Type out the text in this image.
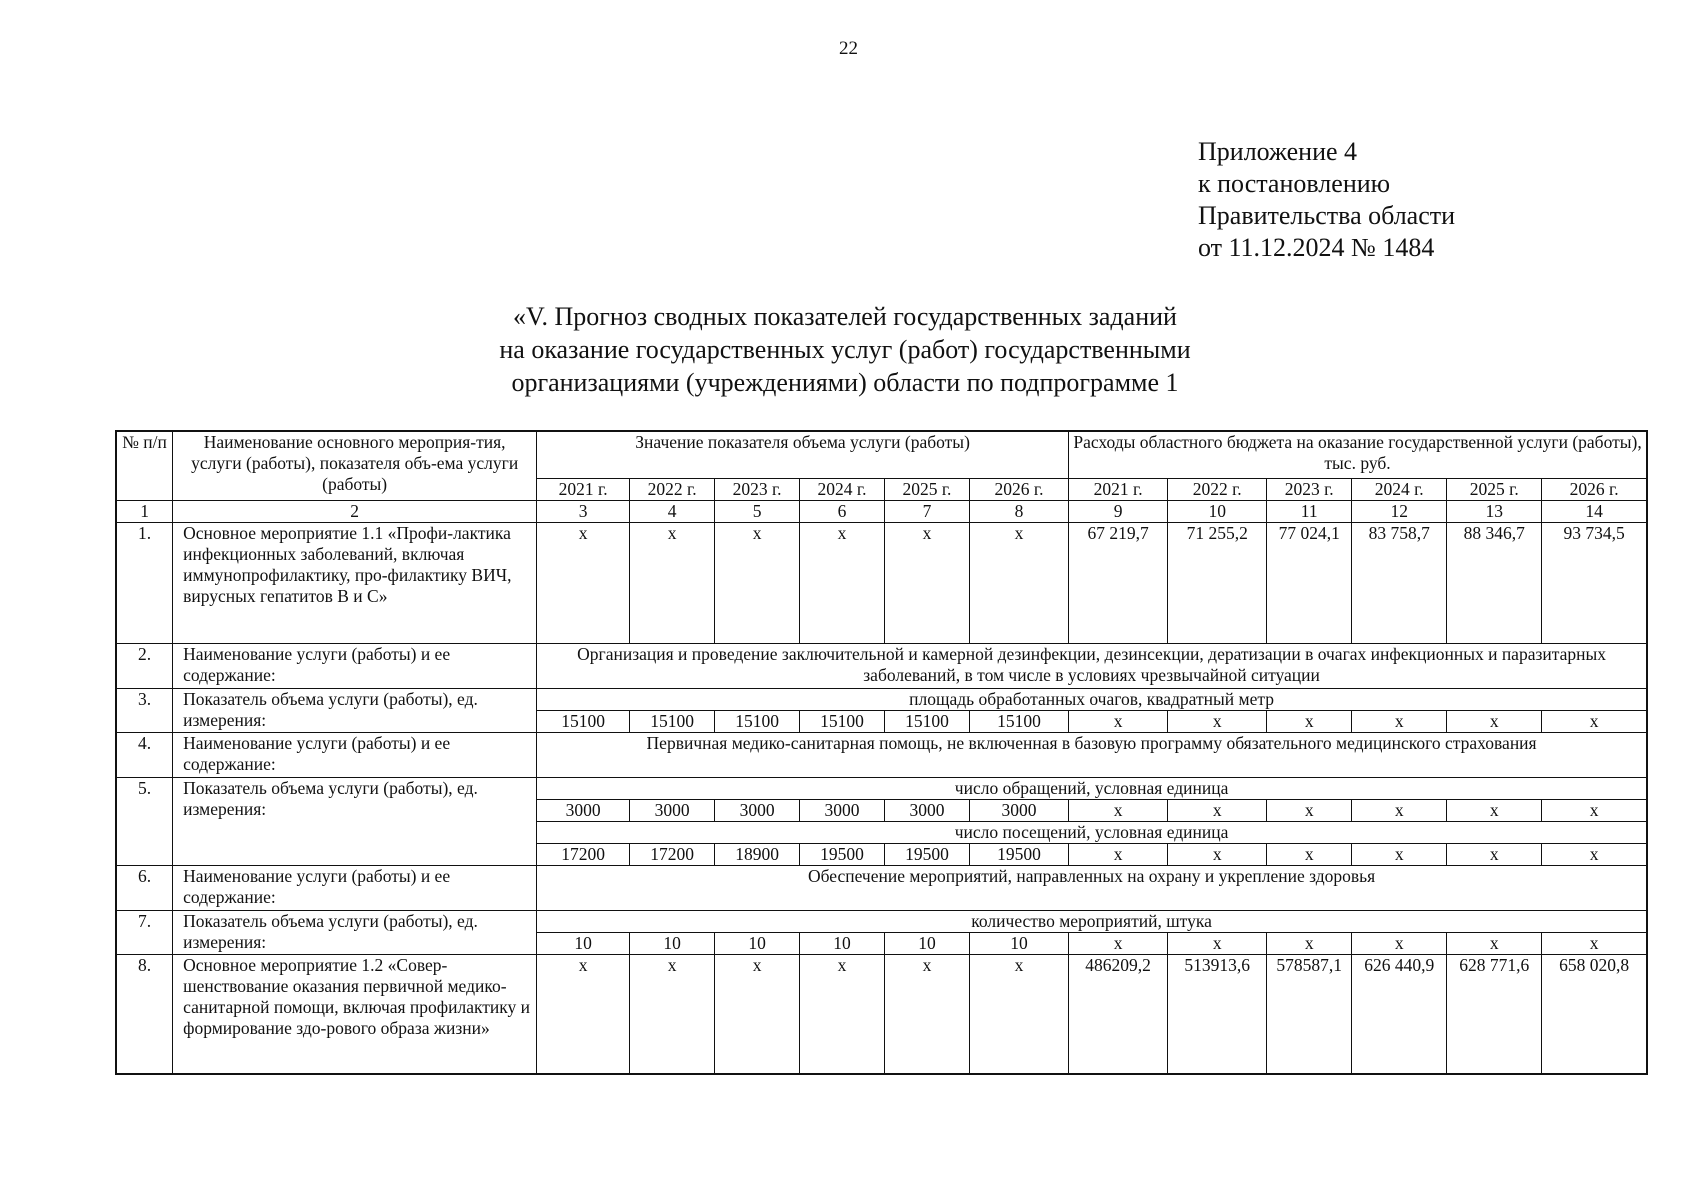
22
Приложение 4
к постановлению
Правительства области
от 11.12.2024 № 1484
«V. Прогноз сводных показателей государственных заданий
на оказание государственных услуг (работ) государственными
организациями (учреждениями) области по подпрограмме 1
№ п/п	Наименование основного мероприя-тия, услуги (работы), показателя объ-ема услуги (работы)	Значение показателя объема услуги (работы)						Расходы областного бюджета на оказание государственной услуги (работы), тыс. руб.					
		2021 г.	2022 г.	2023 г.	2024 г.	2025 г.	2026 г.	2021 г.	2022 г.	2023 г.	2024 г.	2025 г.	2026 г.
1	2	3	4	5	6	7	8	9	10	11	12	13	14
1.	Основное мероприятие 1.1 «Профи-лактика инфекционных заболеваний, включая иммунопрофилактику, про-филактику ВИЧ, вирусных гепатитов В и С»	x	x	x	x	x	x	67 219,7	71 255,2	77 024,1	83 758,7	88 346,7	93 734,5
2.	Наименование услуги (работы) и ее содержание:	Организация и проведение заключительной и камерной дезинфекции, дезинсекции, дератизации в очагах инфекционных и паразитарных заболеваний, в том числе в условиях чрезвычайной ситуации											
3.	Показатель объема услуги (работы), ед. измерения:	площадь обработанных очагов, квадратный метр											
		15100	15100	15100	15100	15100	15100	x	x	x	x	x	x
4.	Наименование услуги (работы) и ее содержание:	Первичная медико-санитарная помощь, не включенная в базовую программу обязательного медицинского страхования											
5.	Показатель объема услуги (работы), ед. измерения:	число обращений, условная единица											
		3000	3000	3000	3000	3000	3000	x	x	x	x	x	x
		число посещений, условная единица											
		17200	17200	18900	19500	19500	19500	x	x	x	x	x	x
6.	Наименование услуги (работы) и ее содержание:	Обеспечение мероприятий, направленных на охрану и укрепление здоровья											
7.	Показатель объема услуги (работы), ед. измерения:	количество мероприятий, штука											
		10	10	10	10	10	10	x	x	x	x	x	x
8.	Основное мероприятие 1.2 «Совер-шенствование оказания первичной медико-санитарной помощи, включая профилактику и формирование здо-рового образа жизни»	x	x	x	x	x	x	486209,2	513913,6	578587,1	626 440,9	628 771,6	658 020,8
